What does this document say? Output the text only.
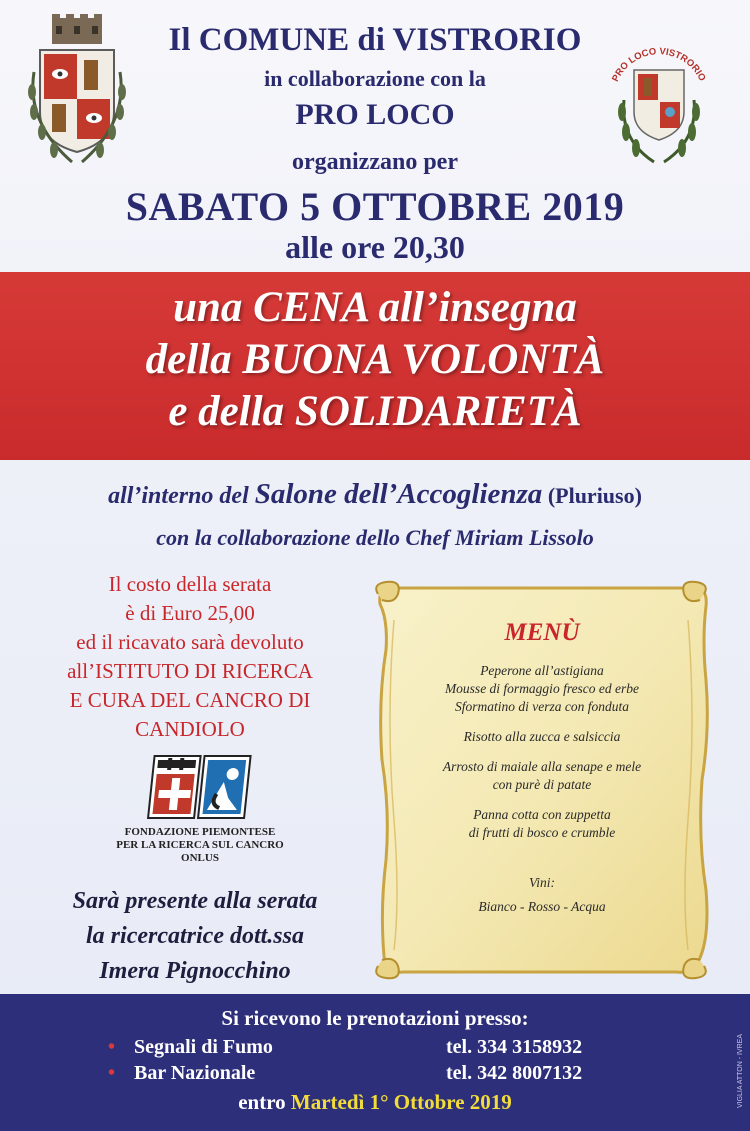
PRO LOCO VISTRORIO
Il COMUNE di VISTRORIO
in collaborazione con la
PRO LOCO
organizzano per
SABATO 5 OTTOBRE 2019
alle ore 20,30
una CENA all’insegna
della BUONA VOLONTÀ
e della SOLIDARIETÀ
all’interno del Salone dell’Accoglienza (Pluriuso)
con la collaborazione dello Chef Miriam Lissolo
Il costo della serata
è di Euro 25,00
ed il ricavato sarà devoluto
all’ISTITUTO DI RICERCA
E CURA DEL CANCRO DI
CANDIOLO
FONDAZIONE PIEMONTESE
PER LA RICERCA SUL CANCRO
ONLUS
Sarà presente alla serata
la ricercatrice dott.ssa
Imera Pignocchino
MENÙ
Peperone all’astigiana
Mousse di formaggio fresco ed erbe
Sformatino di verza con fonduta
Risotto alla zucca e salsiccia
Arrosto di maiale alla senape e mele
con purè di patate
Panna cotta con zuppetta
di frutti di bosco e crumble
Vini:
Bianco - Rosso - Acqua
Si ricevono le prenotazioni presso:
• Segnali di Fumo	tel. 334 3158932
• Bar Nazionale	tel. 342 8007132
entro Martedì 1° Ottobre 2019	VIGLIA ATTON - IVREA
